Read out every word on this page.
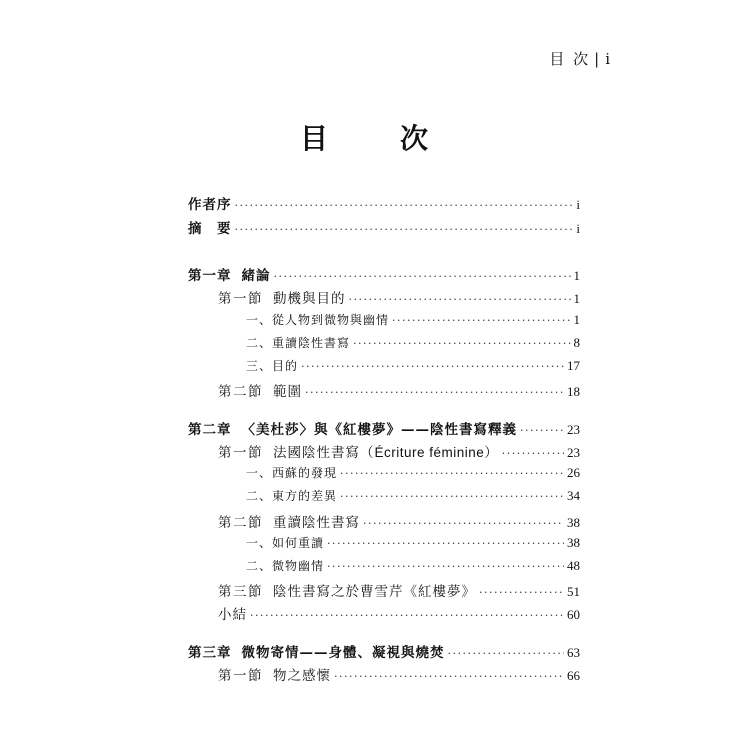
目 次 | i
目　次
作者序 ·····	i
摘　要 ·····	i
第一章 緒論 ·····	1
第一節 動機與目的 ·····	1
一、從人物到微物與幽情 ·····	1
二、重讀陰性書寫 ·····	8
三、目的 ·····	17
第二節 範圍 ·····	18
第二章 〈美杜莎〉與《紅樓夢》——陰性書寫釋義 ·····	23
第一節 法國陰性書寫（Écriture féminine） ·····	23
一、西蘇的發現 ·····	26
二、東方的差異 ·····	34
第二節 重讀陰性書寫 ·····	38
一、如何重讀 ·····	38
二、微物幽情 ·····	48
第三節 陰性書寫之於曹雪芹《紅樓夢》 ·····	51
小結 ·····	60
第三章 微物寄情——身體、凝視與燒焚 ·····	63
第一節 物之感懷 ·····	66
